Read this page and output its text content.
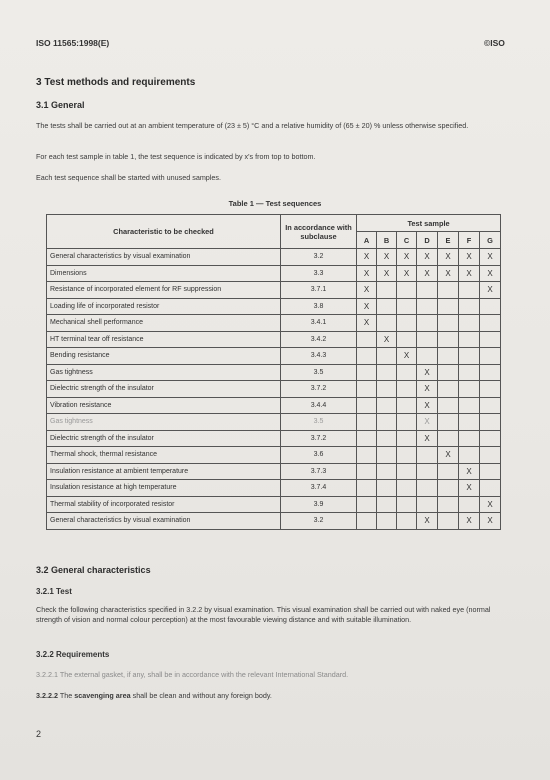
ISO 11565:1998(E)	©ISO
3 Test methods and requirements
3.1 General
The tests shall be carried out at an ambient temperature of (23 ± 5) °C and a relative humidity of (65 ± 20) % unless otherwise specified.
For each test sample in table 1, the test sequence is indicated by x's from top to bottom.
Each test sequence shall be started with unused samples.
Table 1 — Test sequences
Characteristic to be checked	In accordance with subclause	Test sample						
		A	B	C	D	E	F	G
General characteristics by visual examination	3.2	X	X	X	X	X	X	X
Dimensions	3.3	X	X	X	X	X	X	X
Resistance of incorporated element for RF suppression	3.7.1	X						X
Loading life of incorporated resistor	3.8	X						
Mechanical shell performance	3.4.1	X						
HT terminal tear off resistance	3.4.2		X					
Bending resistance	3.4.3			X				
Gas tightness	3.5				X			
Dielectric strength of the insulator	3.7.2				X			
Vibration resistance	3.4.4				X			
Gas tightness	3.5				X			
Dielectric strength of the insulator	3.7.2				X			
Thermal shock, thermal resistance	3.6					X		
Insulation resistance at ambient temperature	3.7.3						X	
Insulation resistance at high temperature	3.7.4						X	
Thermal stability of incorporated resistor	3.9							X
General characteristics by visual examination	3.2				X		X	X
3.2 General characteristics
3.2.1 Test
Check the following characteristics specified in 3.2.2 by visual examination. This visual examination shall be carried out with naked eye (normal strength of vision and normal colour perception) at the most favourable viewing distance and with suitable illumination.
3.2.2 Requirements
3.2.2.1 The external gasket, if any, shall be in accordance with the relevant International Standard.
3.2.2.2 The scavenging area shall be clean and without any foreign body.
2
